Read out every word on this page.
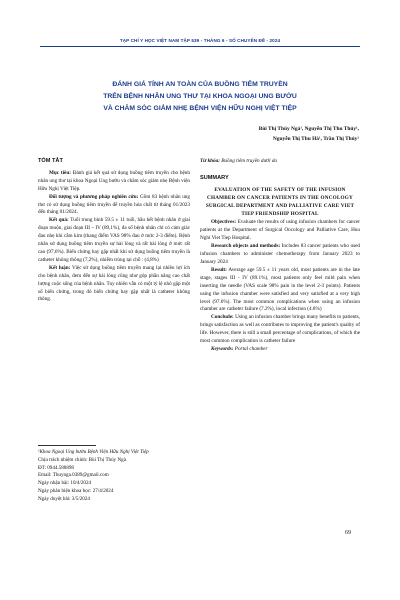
TẠP CHÍ Y HỌC VIỆT NAM TẬP 539 - THÁNG 6 - SỐ CHUYÊN ĐỀ - 2024
ĐÁNH GIÁ TÍNH AN TOÀN CỦA BUỒNG TIÊM TRUYỀN
TRÊN BỆNH NHÂN UNG THƯ TẠI KHOA NGOẠI UNG BƯỚU
VÀ CHĂM SÓC GIẢM NHẸ BỆNH VIỆN HỮU NGHỊ VIỆT TIỆP
Bùi Thị Thúy Ngà¹, Nguyễn Thị Thu Thủy¹,
Nguyễn Thị Thu Hà¹, Trần Thị Thủy¹
TÓM TẮT

Mục tiêu: Đánh giá kết quả sử dụng buồng tiêm truyền cho bệnh nhân ung thư tại khoa Ngoại Ung bướu và chăm sóc giảm nhẹ Bệnh viện Hữu Nghị Việt Tiệp.

Đối tượng và phương pháp nghiên cứu: Gồm 83 bệnh nhân ung thư có sử dụng buồng tiêm truyền để truyền hóa chất từ tháng 01/2023 đến tháng 01/2024.

Kết quả: Tuổi trung bình 59.5 ± 11 tuổi, hầu hết bệnh nhân ở giai đoạn muộn, giai đoạn III – IV (89,1%), đa số bệnh nhân chỉ có cảm giác đau nhẹ khi cắm kim (thang điểm VAS 98% đau ở mức 2-3 điểm). Bệnh nhân sử dụng buồng tiêm truyền sự hài lòng và rất hài lòng ở mức rất cao (97,6%). Biến chứng hay gặp nhất khi sử dụng buồng tiêm truyền là catheter không thông (7,2%), nhiễm trùng tại chỗ : (4,8%)

Kết luận: Việc sử dụng buồng tiêm truyền mang lại nhiều lợi ích cho bệnh nhân, đem đến sự hài lòng cũng như góp phần nâng cao chất lượng cuộc sống của bệnh nhân. Tuy nhiên vẫn có một tỷ lệ nhỏ gặp một số biến chứng, trong đó biến chứng hay gặp nhất là catheter không thông.

¹Khoa Ngoại Ung bướu Bệnh Viện Hữu Nghị Việt Tiệp

Chịu trách nhiệm chính: Bùi Thị Thúy Ngà

ĐT: 0944.588898

Email: Thuynga.0389@gmail.com

Ngày nhận bài: 10/4/2024

Ngày phản biện khoa học: 27/4/2024

Ngày duyệt bài: 3/5/2024

Từ khóa: Buồng tiêm truyền dưới da

SUMMARY
EVALUATION OF THE SAFETY OF THE INFUSION CHAMBER ON CANCER PATIENTS IN THE ONCOLOGY SURGICAL DEPARTMENT AND PALLIATIVE CARE VIET TIEP FRIENDSHIP HOSPITAL

Objectives: Evaluate the results of using infusion chambers for cancer patients at the Department of Surgical Oncology and Palliative Care, Huu Nghi Viet Tiep Hospital.

Research objects and methods: Includes 83 cancer patients who used infusion chambers to administer chemotherapy from January 2023 to January 2024

Result: Average age 59.5 ± 11 years old, most patients are in the late stage, stages III - IV (89.1%), most patients only feel mild pain when inserting the needle (VAS scale 98% pain in the level 2-3 points). Patients using the infusion chamber were satisfied and very satisfied at a very high level (97.6%). The most common complications when using an infusion chamber are catheter failure (7.2%), local infection (4.8%)

Conclude: Using an infusion chamber brings many benefits to patients, brings satisfaction as well as contributes to improving the patient's quality of life. However, there is still a small percentage of complications, of which the most common complication is catheter failure

Keywords: Portal chamber

69
